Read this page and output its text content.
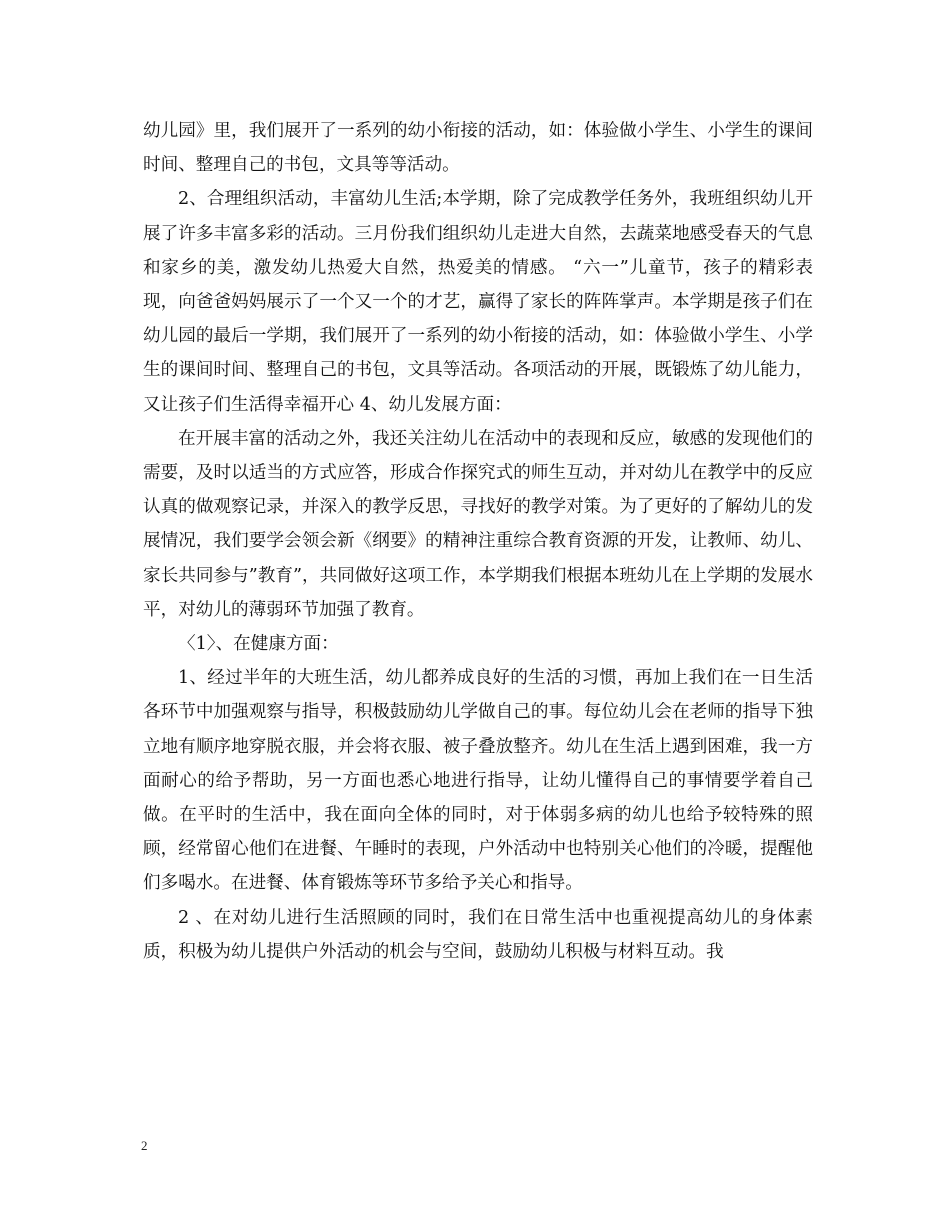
幼儿园》里，我们展开了一系列的幼小衔接的活动，如：体验做小学生、小学生的课间时间、整理自己的书包，文具等等活动。

2、合理组织活动，丰富幼儿生活;本学期，除了完成教学任务外，我班组织幼儿开展了许多丰富多彩的活动。三月份我们组织幼儿走进大自然，去蔬菜地感受春天的气息和家乡的美，激发幼儿热爱大自然，热爱美的情感。 “六一”儿童节，孩子的精彩表现，向爸爸妈妈展示了一个又一个的才艺，赢得了家长的阵阵掌声。本学期是孩子们在幼儿园的最后一学期，我们展开了一系列的幼小衔接的活动，如：体验做小学生、小学生的课间时间、整理自己的书包，文具等活动。各项活动的开展，既锻炼了幼儿能力，又让孩子们生活得幸福开心 4、幼儿发展方面：

在开展丰富的活动之外，我还关注幼儿在活动中的表现和反应，敏感的发现他们的需要，及时以适当的方式应答，形成合作探究式的师生互动，并对幼儿在教学中的反应认真的做观察记录，并深入的教学反思，寻找好的教学对策。为了更好的了解幼儿的发展情况，我们要学会领会新《纲要》的精神注重综合教育资源的开发，让教师、幼儿、家长共同参与”教育”，共同做好这项工作，本学期我们根据本班幼儿在上学期的发展水平，对幼儿的薄弱环节加强了教育。

〈1〉、在健康方面：

1、经过半年的大班生活，幼儿都养成良好的生活的习惯，再加上我们在一日生活各环节中加强观察与指导，积极鼓励幼儿学做自己的事。每位幼儿会在老师的指导下独立地有顺序地穿脱衣服，并会将衣服、被子叠放整齐。幼儿在生活上遇到困难，我一方面耐心的给予帮助，另一方面也悉心地进行指导，让幼儿懂得自己的事情要学着自己做。在平时的生活中，我在面向全体的同时，对于体弱多病的幼儿也给予较特殊的照顾，经常留心他们在进餐、午睡时的表现，户外活动中也特别关心他们的冷暖，提醒他们多喝水。在进餐、体育锻炼等环节多给予关心和指导。

2 、在对幼儿进行生活照顾的同时，我们在日常生活中也重视提高幼儿的身体素质，积极为幼儿提供户外活动的机会与空间，鼓励幼儿积极与材料互动。我

2
